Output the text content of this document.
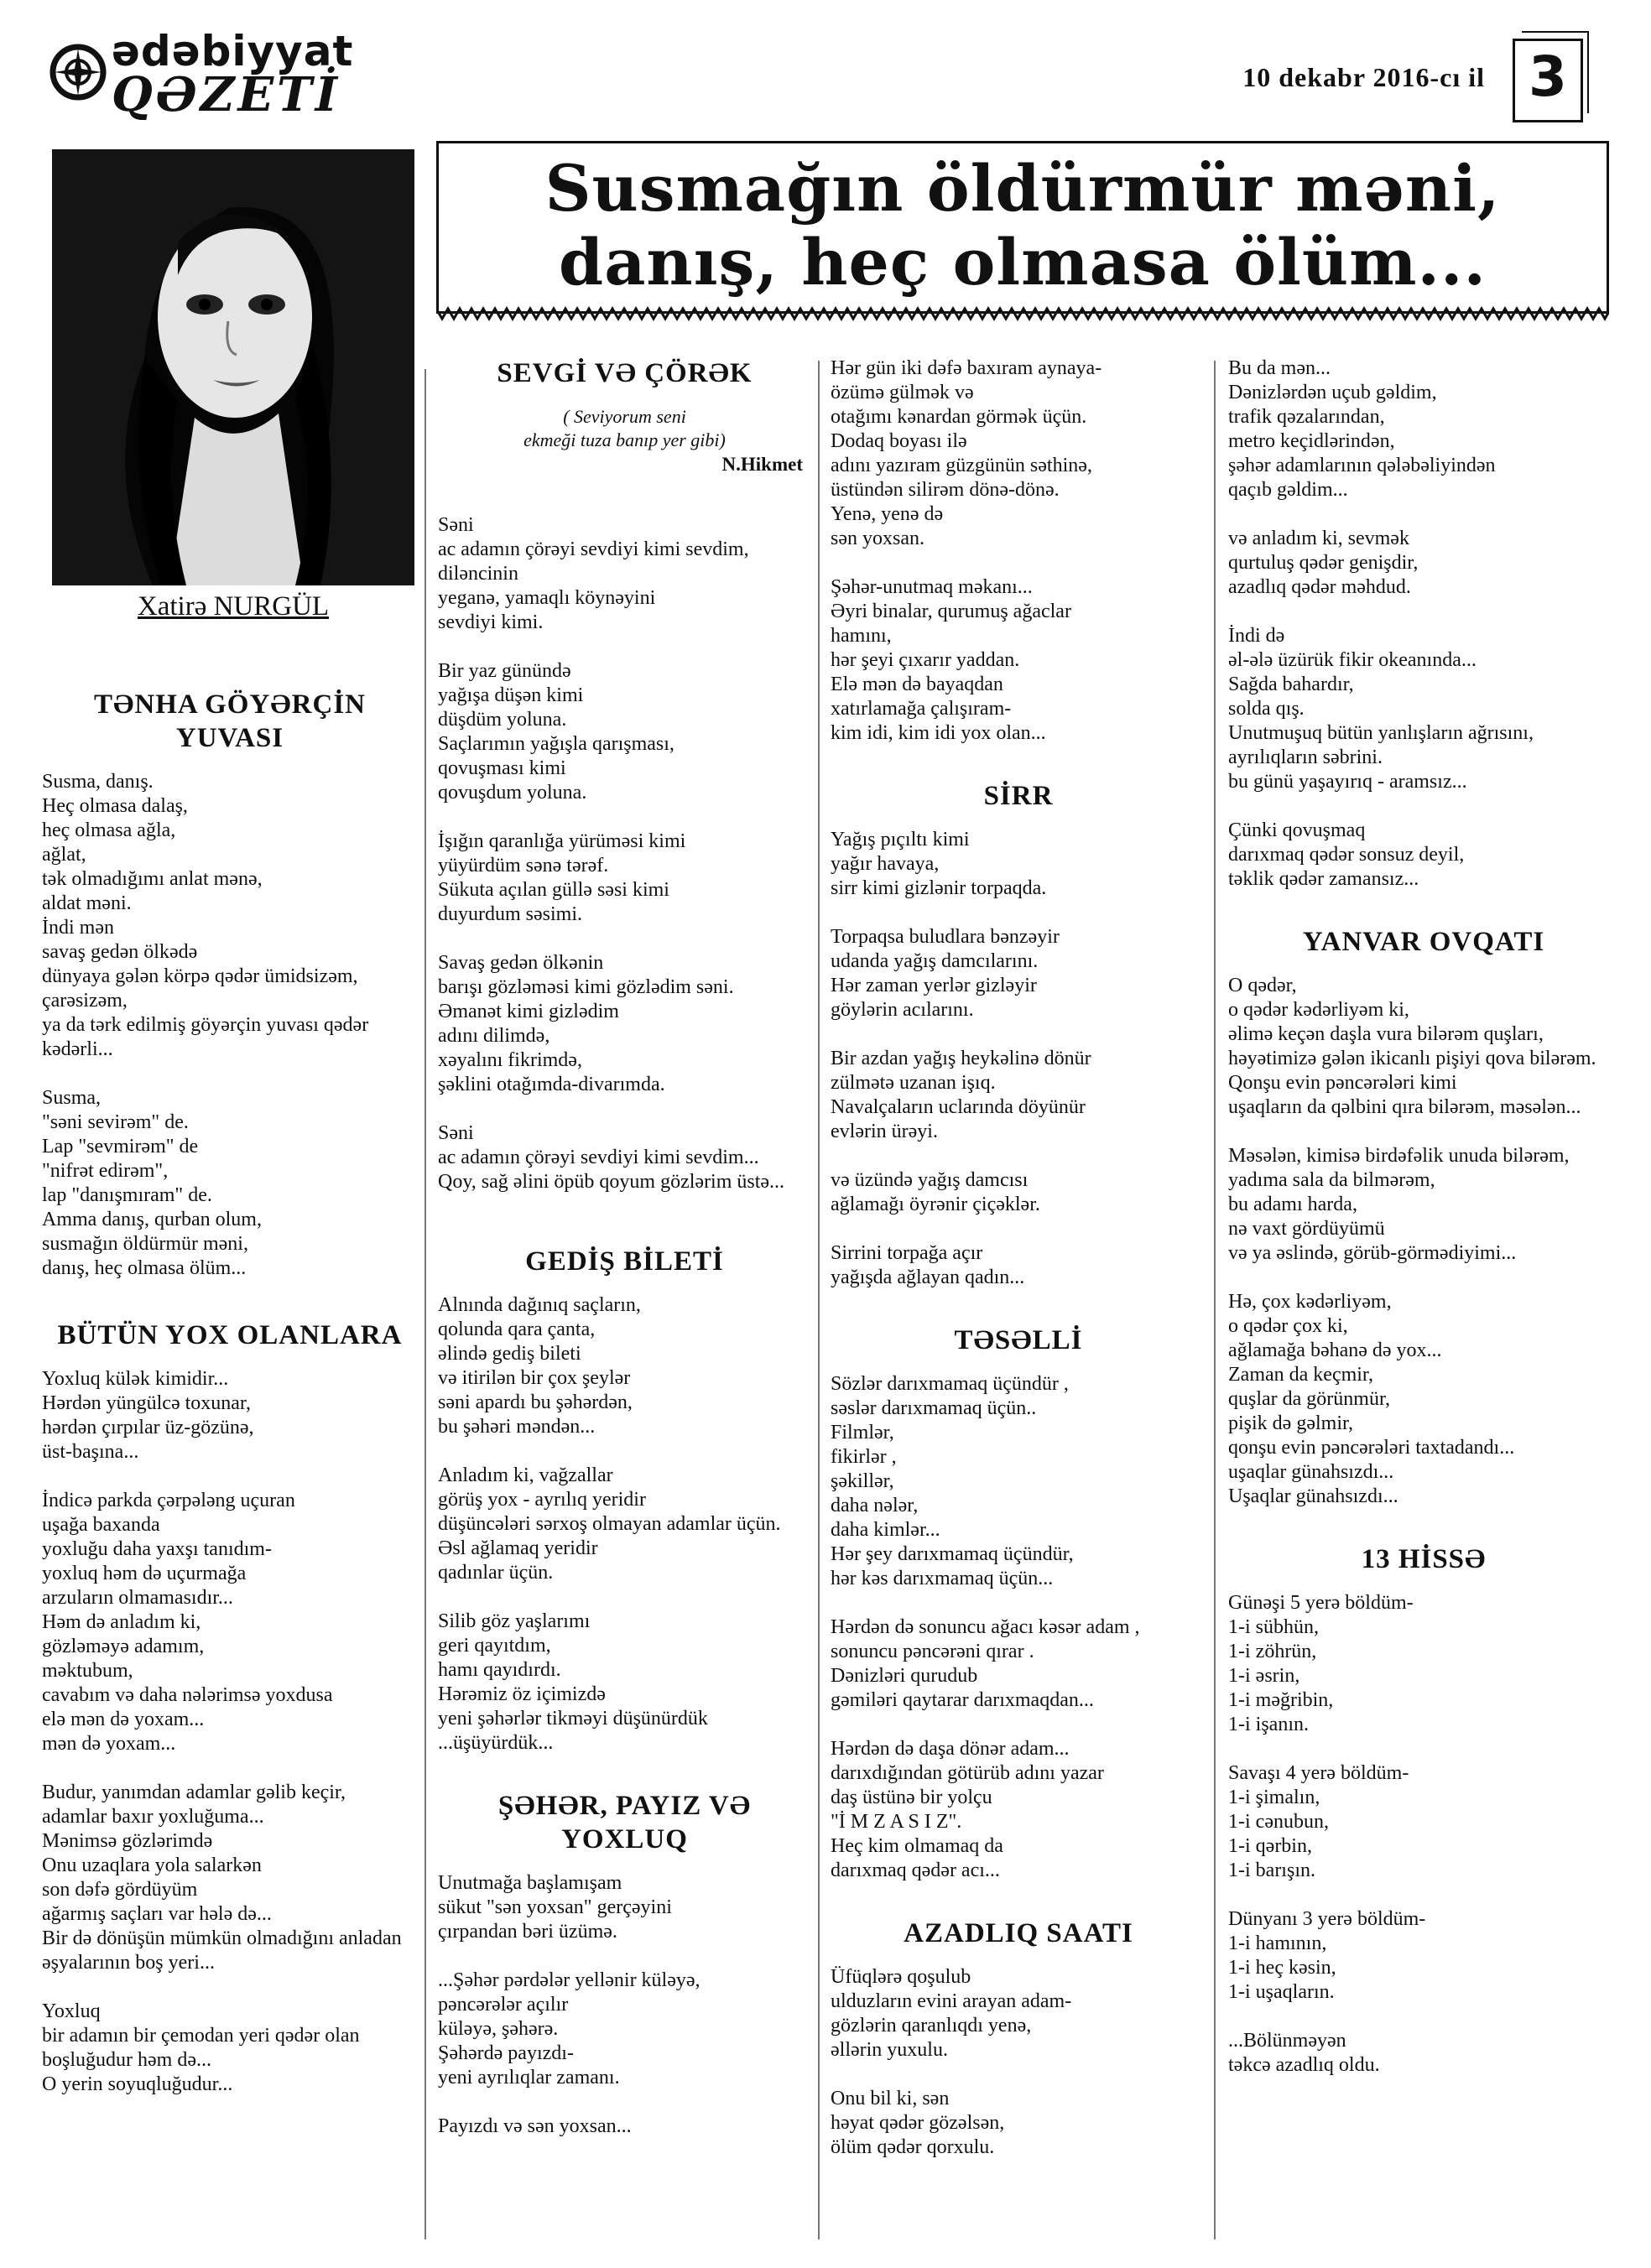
ədəbiyyat
QƏZETİ	10 dekabr 2016-cı il 3
Xatirə NURGÜL
Susmağın öldürmür məni,
danış, heç olmasa ölüm...
TƏNHA GÖYƏRÇİN
YUVASI

Susma, danış.
Heç olmasa dalaş,
heç olmasa ağla,
ağlat,
tək olmadığımı anlat mənə,
aldat məni.
İndi mən
savaş gedən ölkədə
dünyaya gələn körpə qədər ümidsizəm,
çarəsizəm,
ya da tərk edilmiş göyərçin yuvası qədər
kədərli...

Susma,
"səni sevirəm" de.
Lap "sevmirəm" de
"nifrət edirəm",
lap "danışmıram" de.
Amma danış, qurban olum,
susmağın öldürmür məni,
danış, heç olmasa ölüm...

BÜTÜN YOX OLANLARA

Yoxluq külək kimidir...
Hərdən yüngülcə toxunar,
hərdən çırpılar üz-gözünə,
üst-başına...

İndicə parkda çərpələng uçuran
uşağa baxanda
yoxluğu daha yaxşı tanıdım-
yoxluq həm də uçurmağa
arzuların olmamasıdır...
Həm də anladım ki,
gözləməyə adamım,
məktubum,
cavabım və daha nələrimsə yoxdusa
elə mən də yoxam...
mən də yoxam...

Budur, yanımdan adamlar gəlib keçir,
adamlar baxır yoxluğuma...
Mənimsə gözlərimdə
Onu uzaqlara yola salarkən
son dəfə gördüyüm
ağarmış saçları var hələ də...
Bir də dönüşün mümkün olmadığını anladan
əşyalarının boş yeri...

Yoxluq
bir adamın bir çemodan yeri qədər olan
boşluğudur həm də...
O yerin soyuqluğudur...

SEVGİ VƏ ÇÖRƏK
( Seviyorum seni
ekmeği tuza banıp yer gibi)
N.Hikmet

Səni
ac adamın çörəyi sevdiyi kimi sevdim,
diləncinin
yeganə, yamaqlı köynəyini
sevdiyi kimi.

Bir yaz günündə
yağışa düşən kimi
düşdüm yoluna.
Saçlarımın yağışla qarışması,
qovuşması kimi
qovuşdum yoluna.

İşığın qaranlığa yürüməsi kimi
yüyürdüm sənə tərəf.
Sükuta açılan güllə səsi kimi
duyurdum səsimi.

Savaş gedən ölkənin
barışı gözləməsi kimi gözlədim səni.
Əmanət kimi gizlədim
adını dilimdə,
xəyalını fikrimdə,
şəklini otağımda-divarımda.

Səni
ac adamın çörəyi sevdiyi kimi sevdim...
Qoy, sağ əlini öpüb qoyum gözlərim üstə...

GEDİŞ BİLETİ

Alnında dağınıq saçların,
qolunda qara çanta,
əlində gediş bileti
və itirilən bir çox şeylər
səni apardı bu şəhərdən,
bu şəhəri məndən...

Anladım ki, vağzallar
görüş yox - ayrılıq yeridir
düşüncələri sərxoş olmayan adamlar üçün.
Əsl ağlamaq yeridir
qadınlar üçün.

Silib göz yaşlarımı
geri qayıtdım,
hamı qayıdırdı.
Hərəmiz öz içimizdə
yeni şəhərlər tikməyi düşünürdük
...üşüyürdük...

ŞƏHƏR, PAYIZ VƏ
YOXLUQ

Unutmağa başlamışam
sükut "sən yoxsan" gerçəyini
çırpandan bəri üzümə.

...Şəhər pərdələr yellənir küləyə,
pəncərələr açılır
küləyə, şəhərə.
Şəhərdə payızdı-
yeni ayrılıqlar zamanı.

Payızdı və sən yoxsan...

Hər gün iki dəfə baxıram aynaya-
özümə gülmək və
otağımı kənardan görmək üçün.
Dodaq boyası ilə
adını yazıram güzgünün səthinə,
üstündən silirəm dönə-dönə.
Yenə, yenə də
sən yoxsan.

Şəhər-unutmaq məkanı...
Əyri binalar, qurumuş ağaclar
hamını,
hər şeyi çıxarır yaddan.
Elə mən də bayaqdan
xatırlamağa çalışıram-
kim idi, kim idi yox olan...

SİRR

Yağış pıçıltı kimi
yağır havaya,
sirr kimi gizlənir torpaqda.

Torpaqsa buludlara bənzəyir
udanda yağış damcılarını.
Hər zaman yerlər gizləyir
göylərin acılarını.

Bir azdan yağış heykəlinə dönür
zülmətə uzanan işıq.
Navalçaların uclarında döyünür
evlərin ürəyi.

və üzündə yağış damcısı
ağlamağı öyrənir çiçəklər.

Sirrini torpağa açır
yağışda ağlayan qadın...

TƏSƏLLİ

Sözlər darıxmamaq üçündür ,
səslər darıxmamaq üçün..
Filmlər,
fikirlər ,
şəkillər,
daha nələr,
daha kimlər...
Hər şey darıxmamaq üçündür,
hər kəs darıxmamaq üçün...

Hərdən də sonuncu ağacı kəsər adam ,
sonuncu pəncərəni qırar .
Dənizləri qurudub
gəmiləri qaytarar darıxmaqdan...

Hərdən də daşa dönər adam...
darıxdığından götürüb adını yazar
daş üstünə bir yolçu
"İ M Z A S I Z".
Heç kim olmamaq da
darıxmaq qədər acı...

AZADLIQ SAATI

Üfüqlərə qoşulub
ulduzların evini arayan adam-
gözlərin qaranlıqdı yenə,
əllərin yuxulu.

Onu bil ki, sən
həyat qədər gözəlsən,
ölüm qədər qorxulu.

Bu da mən...
Dənizlərdən uçub gəldim,
trafik qəzalarından,
metro keçidlərindən,
şəhər adamlarının qələbəliyindən
qaçıb gəldim...

və anladım ki, sevmək
qurtuluş qədər genişdir,
azadlıq qədər məhdud.

İndi də
əl-ələ üzürük fikir okeanında...
Sağda bahardır,
solda qış.
Unutmuşuq bütün yanlışların ağrısını,
ayrılıqların səbrini.
bu günü yaşayırıq - aramsız...

Çünki qovuşmaq
darıxmaq qədər sonsuz deyil,
təklik qədər zamansız...

YANVAR OVQATI

O qədər,
o qədər kədərliyəm ki,
əlimə keçən daşla vura bilərəm quşları,
həyətimizə gələn ikicanlı pişiyi qova bilərəm.
Qonşu evin pəncərələri kimi
uşaqların da qəlbini qıra bilərəm, məsələn...

Məsələn, kimisə birdəfəlik unuda bilərəm,
yadıma sala da bilmərəm,
bu adamı harda,
nə vaxt gördüyümü
və ya əslində, görüb-görmədiyimi...

Hə, çox kədərliyəm,
o qədər çox ki,
ağlamağa bəhanə də yox...
Zaman da keçmir,
quşlar da görünmür,
pişik də gəlmir,
qonşu evin pəncərələri taxtadandı...
uşaqlar günahsızdı...
Uşaqlar günahsızdı...

13 HİSSƏ

Günəşi 5 yerə böldüm-
1-i sübhün,
1-i zöhrün,
1-i əsrin,
1-i məğribin,
1-i işanın.

Savaşı 4 yerə böldüm-
1-i şimalın,
1-i cənubun,
1-i qərbin,
1-i barışın.

Dünyanı 3 yerə böldüm-
1-i hamının,
1-i heç kəsin,
1-i uşaqların.

...Bölünməyən
təkcə azadlıq oldu.
